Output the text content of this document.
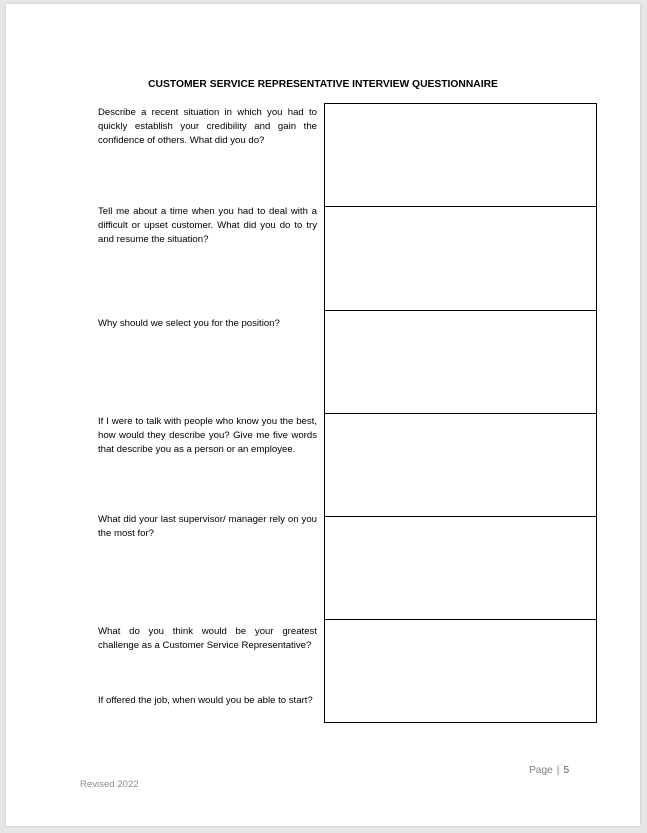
CUSTOMER SERVICE REPRESENTATIVE INTERVIEW QUESTIONNAIRE
Describe a recent situation in which you had to quickly establish your credibility and gain the confidence of others. What did you do?
Tell me about a time when you had to deal with a difficult or upset customer. What did you do to try and resume the situation?
Why should we select you for the position?
If I were to talk with people who know you the best, how would they describe you? Give me five words that describe you as a person or an employee.
What did your last supervisor/ manager rely on you the most for?
What do you think would be your greatest challenge as a Customer Service Representative?
If offered the job, when would you be able to start?
Page | 5
Revised 2022
